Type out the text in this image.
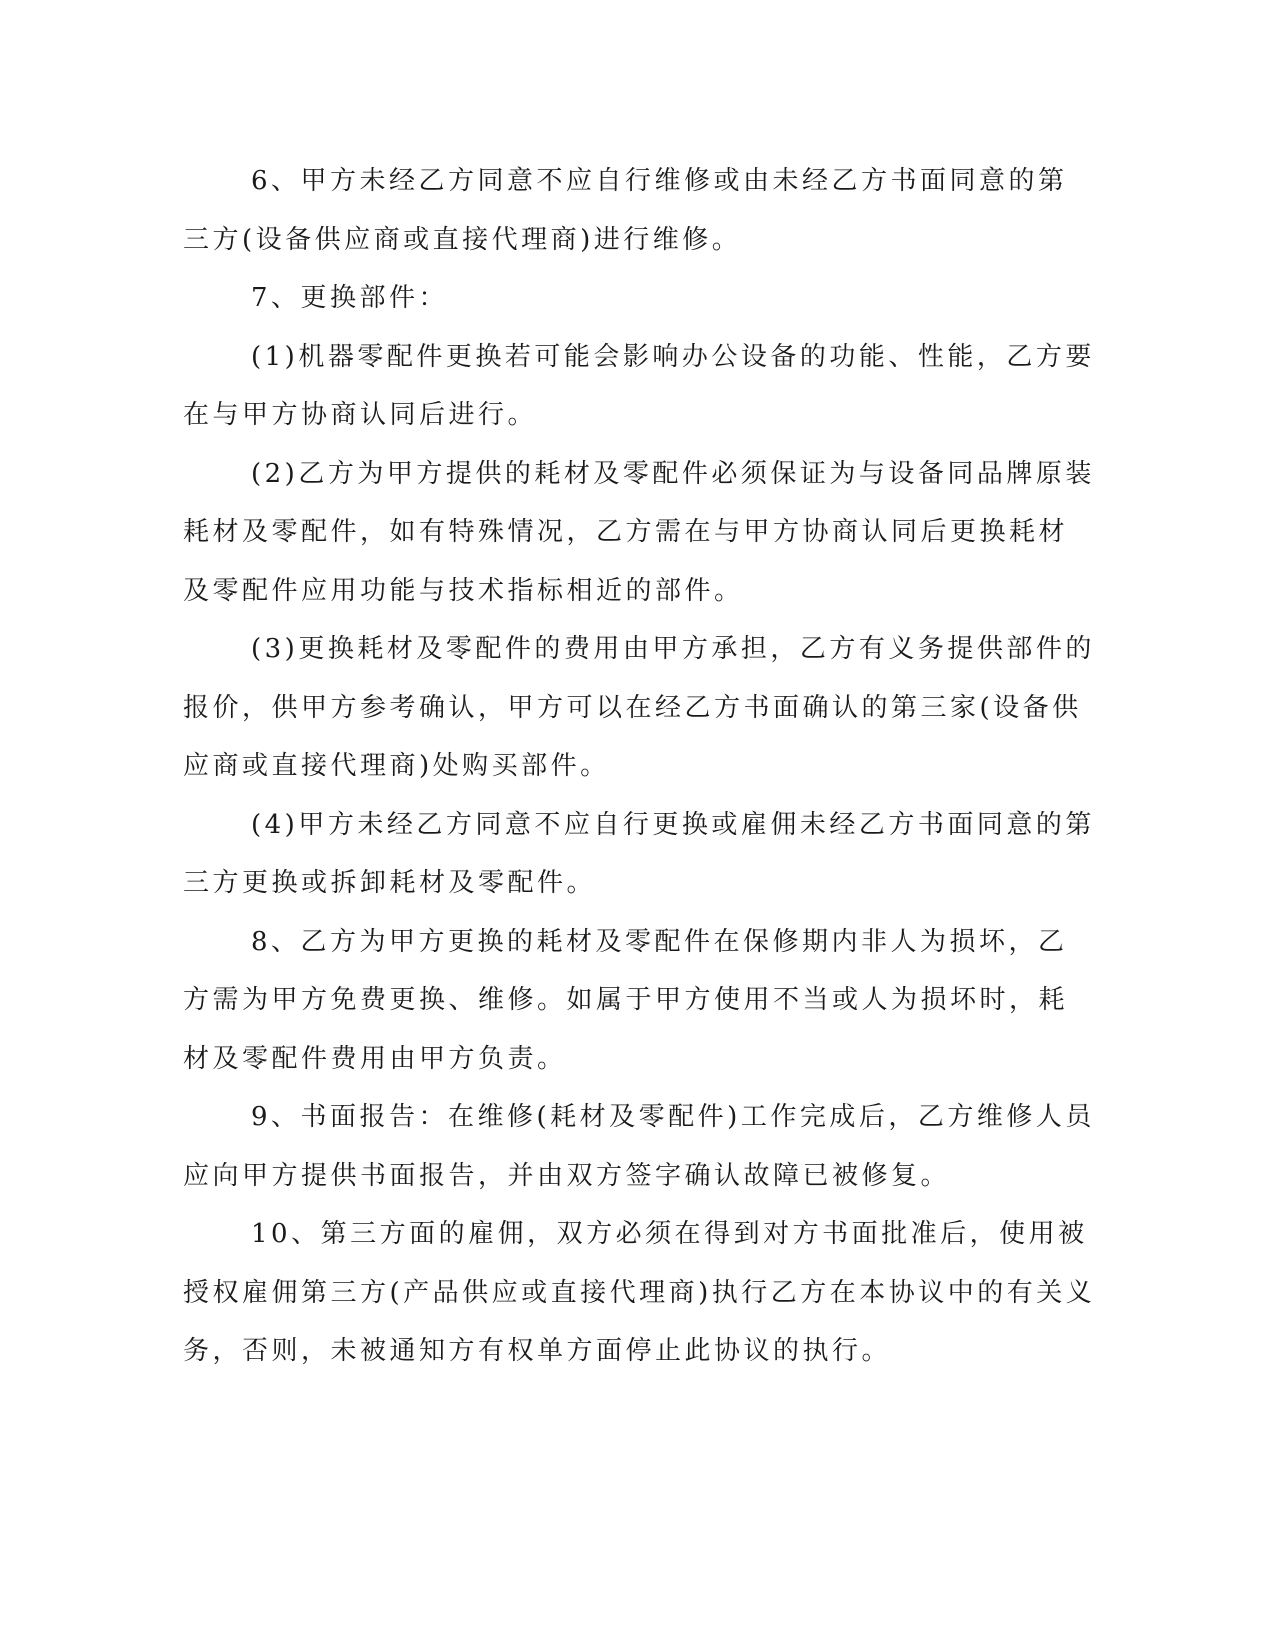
6、甲方未经乙方同意不应自行维修或由未经乙方书面同意的第
三方(设备供应商或直接代理商)进行维修。

7、更换部件：

(1)机器零配件更换若可能会影响办公设备的功能、性能，乙方要
在与甲方协商认同后进行。

(2)乙方为甲方提供的耗材及零配件必须保证为与设备同品牌原装
耗材及零配件，如有特殊情况，乙方需在与甲方协商认同后更换耗材
及零配件应用功能与技术指标相近的部件。

(3)更换耗材及零配件的费用由甲方承担，乙方有义务提供部件的
报价，供甲方参考确认，甲方可以在经乙方书面确认的第三家(设备供
应商或直接代理商)处购买部件。

(4)甲方未经乙方同意不应自行更换或雇佣未经乙方书面同意的第
三方更换或拆卸耗材及零配件。

8、乙方为甲方更换的耗材及零配件在保修期内非人为损坏，乙
方需为甲方免费更换、维修。如属于甲方使用不当或人为损坏时，耗
材及零配件费用由甲方负责。

9、书面报告：在维修(耗材及零配件)工作完成后，乙方维修人员
应向甲方提供书面报告，并由双方签字确认故障已被修复。

10、第三方面的雇佣，双方必须在得到对方书面批准后，使用被
授权雇佣第三方(产品供应或直接代理商)执行乙方在本协议中的有关义
务，否则，未被通知方有权单方面停止此协议的执行。
